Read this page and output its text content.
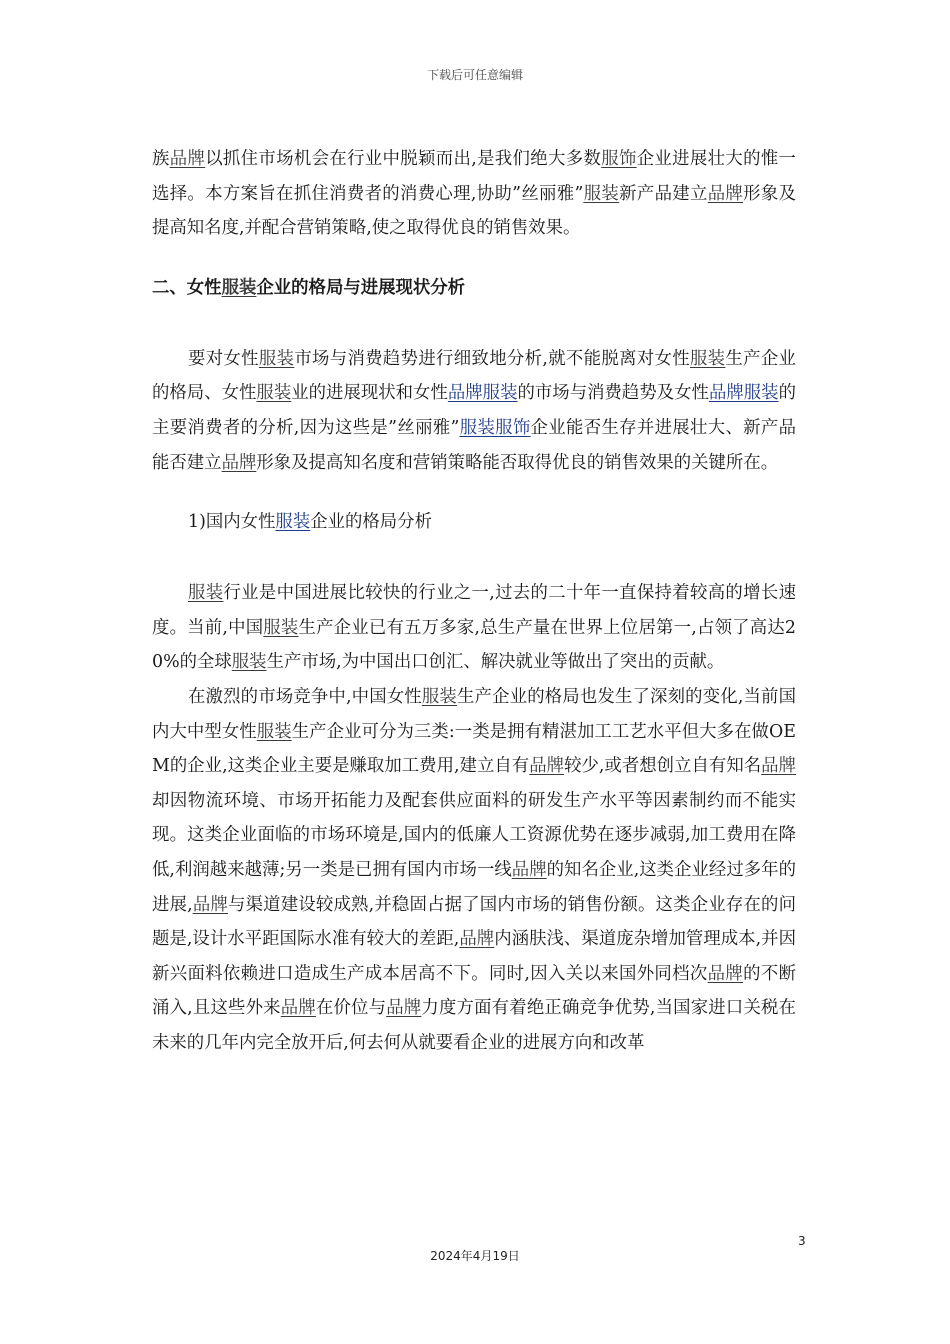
下载后可任意编辑

族品牌以抓住市场机会在行业中脱颖而出,是我们绝大多数服饰企业进展壮大的惟一选择。本方案旨在抓住消费者的消费心理,协助”丝丽雅”服装新产品建立品牌形象及提高知名度,并配合营销策略,使之取得优良的销售效果。

二、女性服装企业的格局与进展现状分析

要对女性服装市场与消费趋势进行细致地分析,就不能脱离对女性服装生产企业的格局、女性服装业的进展现状和女性品牌服装的市场与消费趋势及女性品牌服装的主要消费者的分析,因为这些是”丝丽雅”服装服饰企业能否生存并进展壮大、新产品能否建立品牌形象及提高知名度和营销策略能否取得优良的销售效果的关键所在。

1)国内女性服装企业的格局分析

服装行业是中国进展比较快的行业之一,过去的二十年一直保持着较高的增长速度。当前,中国服装生产企业已有五万多家,总生产量在世界上位居第一,占领了高达20%的全球服装生产市场,为中国出口创汇、解决就业等做出了突出的贡献。

在激烈的市场竞争中,中国女性服装生产企业的格局也发生了深刻的变化,当前国内大中型女性服装生产企业可分为三类:一类是拥有精湛加工工艺水平但大多在做OEM的企业,这类企业主要是赚取加工费用,建立自有品牌较少,或者想创立自有知名品牌却因物流环境、市场开拓能力及配套供应面料的研发生产水平等因素制约而不能实现。这类企业面临的市场环境是,国内的低廉人工资源优势在逐步减弱,加工费用在降低,利润越来越薄;另一类是已拥有国内市场一线品牌的知名企业,这类企业经过多年的进展,品牌与渠道建设较成熟,并稳固占据了国内市场的销售份额。这类企业存在的问题是,设计水平距国际水准有较大的差距,品牌内涵肤浅、渠道庞杂增加管理成本,并因新兴面料依赖进口造成生产成本居高不下。同时,因入关以来国外同档次品牌的不断涌入,且这些外来品牌在价位与品牌力度方面有着绝正确竞争优势,当国家进口关税在未来的几年内完全放开后,何去何从就要看企业的进展方向和改革

3
2024年4月19日
